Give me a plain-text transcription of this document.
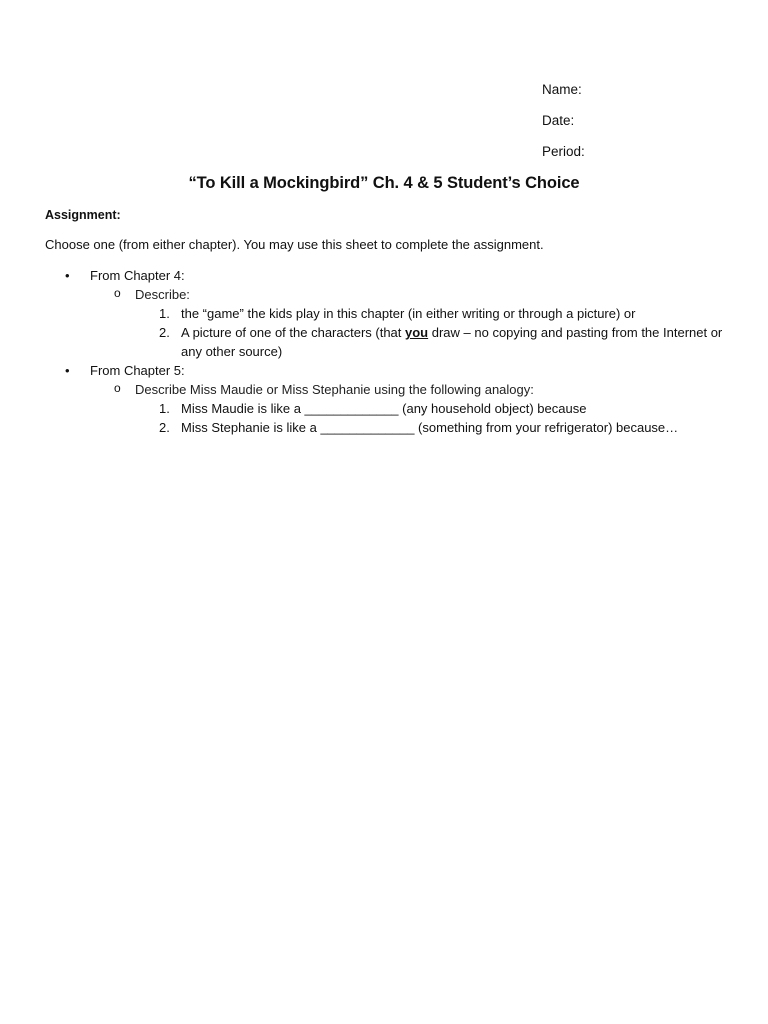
Name:
Date:
Period:
“To Kill a Mockingbird” Ch. 4 & 5 Student’s Choice
Assignment:
Choose one (from either chapter). You may use this sheet to complete the assignment.
• From Chapter 4:
o Describe:
1. the “game” the kids play in this chapter (in either writing or through a picture) or
2. A picture of one of the characters (that you draw – no copying and pasting from the Internet or any other source)
• From Chapter 5:
o Describe Miss Maudie or Miss Stephanie using the following analogy:
1. Miss Maudie is like a _____________ (any household object) because
2. Miss Stephanie is like a _____________ (something from your refrigerator) because…
